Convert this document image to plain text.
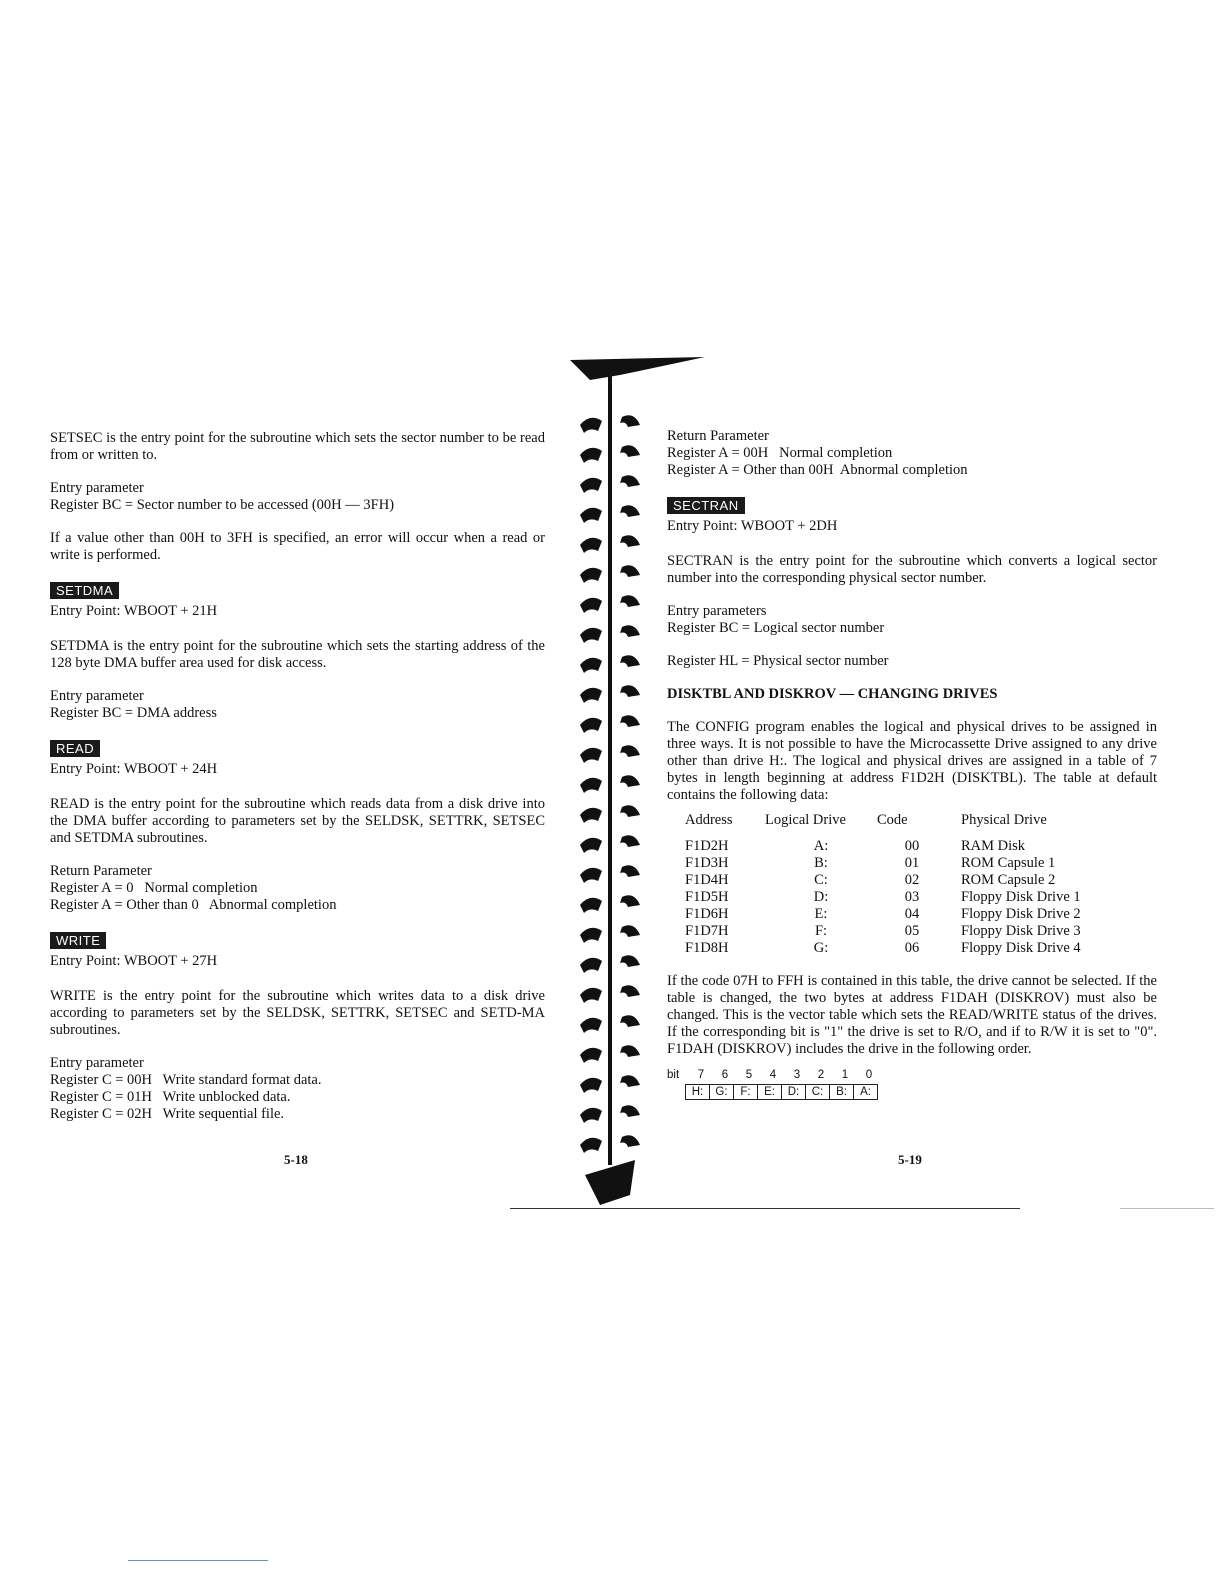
SETSEC is the entry point for the subroutine which sets the sector number to be read from or written to.

Entry parameter

Register BC = Sector number to be accessed (00H — 3FH)

If a value other than 00H to 3FH is specified, an error will occur when a read or write is performed.

SETDMA

Entry Point: WBOOT + 21H

SETDMA is the entry point for the subroutine which sets the starting address of the 128 byte DMA buffer area used for disk access.

Entry parameter

Register BC = DMA address

READ

Entry Point: WBOOT + 24H

READ is the entry point for the subroutine which reads data from a disk drive into the DMA buffer according to parameters set by the SELDSK, SETTRK, SETSEC and SETDMA subroutines.

Return Parameter

Register A = 0   Normal completion

Register A = Other than 0   Abnormal completion

WRITE

Entry Point: WBOOT + 27H

WRITE is the entry point for the subroutine which writes data to a disk drive according to parameters set by the SELDSK, SETTRK, SETSEC and SETD-MA subroutines.

Entry parameter

Register C = 00H   Write standard format data.

Register C = 01H   Write unblocked data.

Register C = 02H   Write sequential file.

5-18

Return Parameter

Register A = 00H   Normal completion

Register A = Other than 00H  Abnormal completion

SECTRAN

Entry Point: WBOOT + 2DH

SECTRAN is the entry point for the subroutine which converts a logical sector number into the corresponding physical sector number.

Entry parameters

Register BC = Logical sector number

Register HL = Physical sector number

DISKTBL AND DISKROV — CHANGING DRIVES

The CONFIG program enables the logical and physical drives to be assigned in three ways. It is not possible to have the Microcassette Drive assigned to any drive other than drive H:. The logical and physical drives are assigned in a table of 7 bytes in length beginning at address F1D2H (DISKTBL). The table at default contains the following data:

Address	Logical Drive	Code	Physical Drive
F1D2H	A:	00	RAM Disk
F1D3H	B:	01	ROM Capsule 1
F1D4H	C:	02	ROM Capsule 2
F1D5H	D:	03	Floppy Disk Drive 1
F1D6H	E:	04	Floppy Disk Drive 2
F1D7H	F:	05	Floppy Disk Drive 3
F1D8H	G:	06	Floppy Disk Drive 4

If the code 07H to FFH is contained in this table, the drive cannot be selected. If the table is changed, the two bytes at address F1DAH (DISKROV) must also be changed. This is the vector table which sets the READ/WRITE status of the drives. If the corresponding bit is "1" the drive is set to R/O, and if to R/W it is set to "0". F1DAH (DISKROV) includes the drive in the following order.

bit	7	6	5	4	3	2	1	0
H:	G:	F:	E:	D:	C:	B:	A:
5-19
